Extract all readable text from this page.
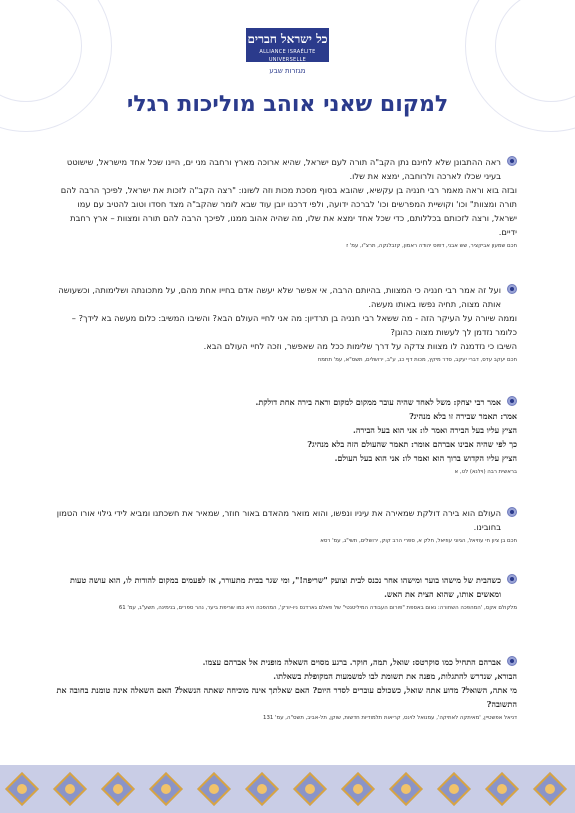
כל ישראל חברים
ALLIANCE ISRAÉLITE UNIVERSELLE
מגזרות שבע
למקום שאני אוהב מוליכות רגלי

ראה ההתבונן שלא לחינם נתן הקב"ה תורה לעם ישראל, שהיא ארוכה מארץ ורחבה מני ים, היינו שכל אחד מישראל, שישוטט בעיני שכלו לארכה ולרוחבה, ימצא את שלו.

ובזה בוא וראה מאמר רבי חנניה בן עקשיא, שהובא בסוף מסכת מכות וזה לשונו: "רצה הקב"ה לזכות את ישראל, לפיכך הרבה להם תורה ומצוות" וכו' וקושיית המפרשים וכו' לברכה ידועה, ולפי דרכנו יובן עוד שבא לומר שהקב"ה מצד חסדו וטוב להטיב עם עמו ישראל, ורצה לזכותם בכללותם, כדי שכל אחד ימצא את שלו, מה שהיה אהוב ממנו, לפיכך הרבה להם תורה ומצוות – ארץ רחבת ידיים.

חכם שמעון אביקציר, שש אבני, דפוס יהודה ראמון, קזבלנקה, תרצ"ו, עמ' ז

ועל זה אמר רבי חנניה כי המצוות, בהיותם הרבה, אי אפשר שלא יעשה אדם בחייו אחת מהם, על מתכונתה ושלימותה, וכשעושה אותה מצוה, תחיה נפשו באותו מעשה.

וממה שיורה על העיקר הזה - מה ששאל רבי חנניה בן תרדיון: מה אני לחיי העולם הבא? והשיבו המשיב: כלום מעשה בא לידך? – כלומר נזדמן לך לעשות מצוה כהוגן?

השיבו כי נזדמנה לו מצוות צדקה על דרך שלימות ככל מה שאפשר, וזכה לחיי העולם הבא.

חכם יעקב עדס, דברי יעקב, סדר מיקץ, מכות דף כג, ע"ב, ירושלים, תשס"א, עמ' תתמח

אמר רבי יצחק: משל לאחד שהיה עובר ממקום למקום וראה בירה אחת דולקת.

אמר: תאמר שבירה זו בלא מנהיג?

הציץ עליו בעל הבירה ואמר לו: אני הוא בעל הבירה.

כך לפי שהיה אבינו אברהם אומר: תאמר שהעולם הזה בלא מנהיג?

הציץ עליו הקדוש ברוך הוא ואמר לו: אני הוא בעל העולם.

בראשית רבה (וילנא) לט, א

העולם הוא בירה דולקת שמאירה את עיניו ונפשו, והוא מואר מהאדם באור חוזר, שמאיר את חשכתנו ומביא לידי גילוי אורו הטמון בחובינו.

חכם בן ציון חי עוזיאל, הגיוני עוזיאל, חלק א, ספרי הרב קוק, ירושלים, תשי"ג, עמ' רסא

כשהבית של מישהו בוער ומישהו אחר נכנס לבית וצועק "שריפה!", ומי שגר בבית מתעורר, אז לפעמים במקום להודות לו, הוא עושה טעות ומאשים אותו, שהוא הצית את האש.

מלקולם אקס, 'המהפכה השחורה: נאום באספת "פורום העבודה המיליטנטי" של פאלם גארדנס ניו-יורק', המהפכה היא כמו שריפת ביער, נהר ספרים, בנימינה, תשע"ג, עמ' 61

אברהם התחיל כמו סוקרטס: שואל, תמה, חוקר. ברגע מסוים השאלה מופנית אל אברהם עצמו.

הבורא, שנדרש להתגלות, מפנה את תשומת לבו למשמעות המקופלת בשאלתו.

מי אתה, השואל? מדוע אתה שואל, כשכולם עוברים לסדר היום? האם שאלתך אינה מוכיחה שאתה הנשאל? האם השאלה אינה טומנת בחובה את התשובה?

דניאל אפשטיין, 'מאיתקה לאתיקה', עמנואל לוינס, קריאות תלמודיות חדשות, שוקן, תל-אביב, תשס"ה, עמ' 131
